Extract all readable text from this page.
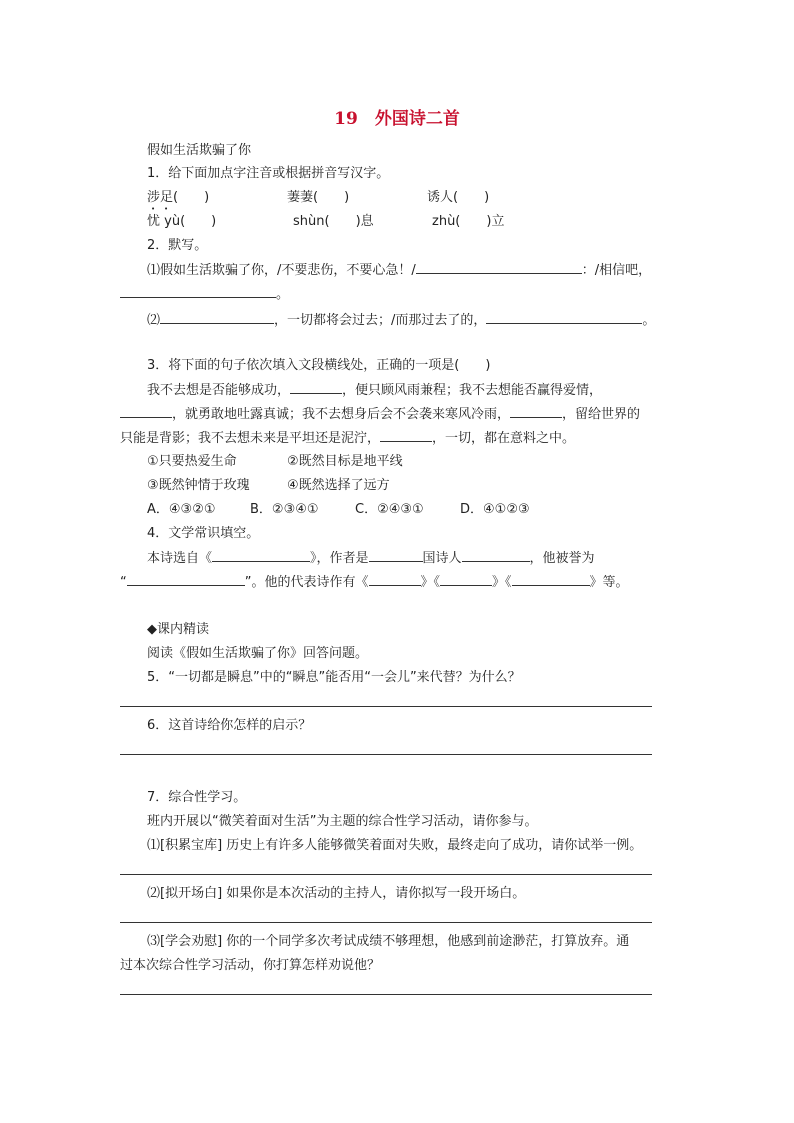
19　外国诗二首
假如生活欺骗了你
1．给下面加点字注音或根据拼音写汉字。
涉足(　　)	萋萋(　　)	诱人(　　)
忧 yù(　　)	shùn(　　)息	zhù(　　)立
2．默写。
⑴假如生活欺骗了你，/不要悲伤，不要心急！/	：/相信吧，
。
⑵	，一切都将会过去；/而那过去了的，	。
3．将下面的句子依次填入文段横线处，正确的一项是(　　)
我不去想是否能够成功，	，便只顾风雨兼程；我不去想能否赢得爱情，
，就勇敢地吐露真诚；我不去想身后会不会袭来寒风冷雨，	，留给世界的
只能是背影；我不去想未来是平坦还是泥泞，	，一切，都在意料之中。
①只要热爱生命	②既然目标是地平线
③既然钟情于玫瑰	④既然选择了远方
A．④③②①	B．②③④①	C．②④③①	D．④①②③
4．文学常识填空。
本诗选自《	》，作者是	国诗人	，他被誉为
“	”。他的代表诗作有《	》《	》《	》等。
◆课内精读
阅读《假如生活欺骗了你》回答问题。
5．“一切都是瞬息”中的“瞬息”能否用“一会儿”来代替？为什么？
6．这首诗给你怎样的启示？
7．综合性学习。
班内开展以“微笑着面对生活”为主题的综合性学习活动，请你参与。
⑴[积累宝库] 历史上有许多人能够微笑着面对失败，最终走向了成功，请你试举一例。
⑵[拟开场白] 如果你是本次活动的主持人，请你拟写一段开场白。
⑶[学会劝慰] 你的一个同学多次考试成绩不够理想，他感到前途渺茫，打算放弃。通
过本次综合性学习活动，你打算怎样劝说他？
